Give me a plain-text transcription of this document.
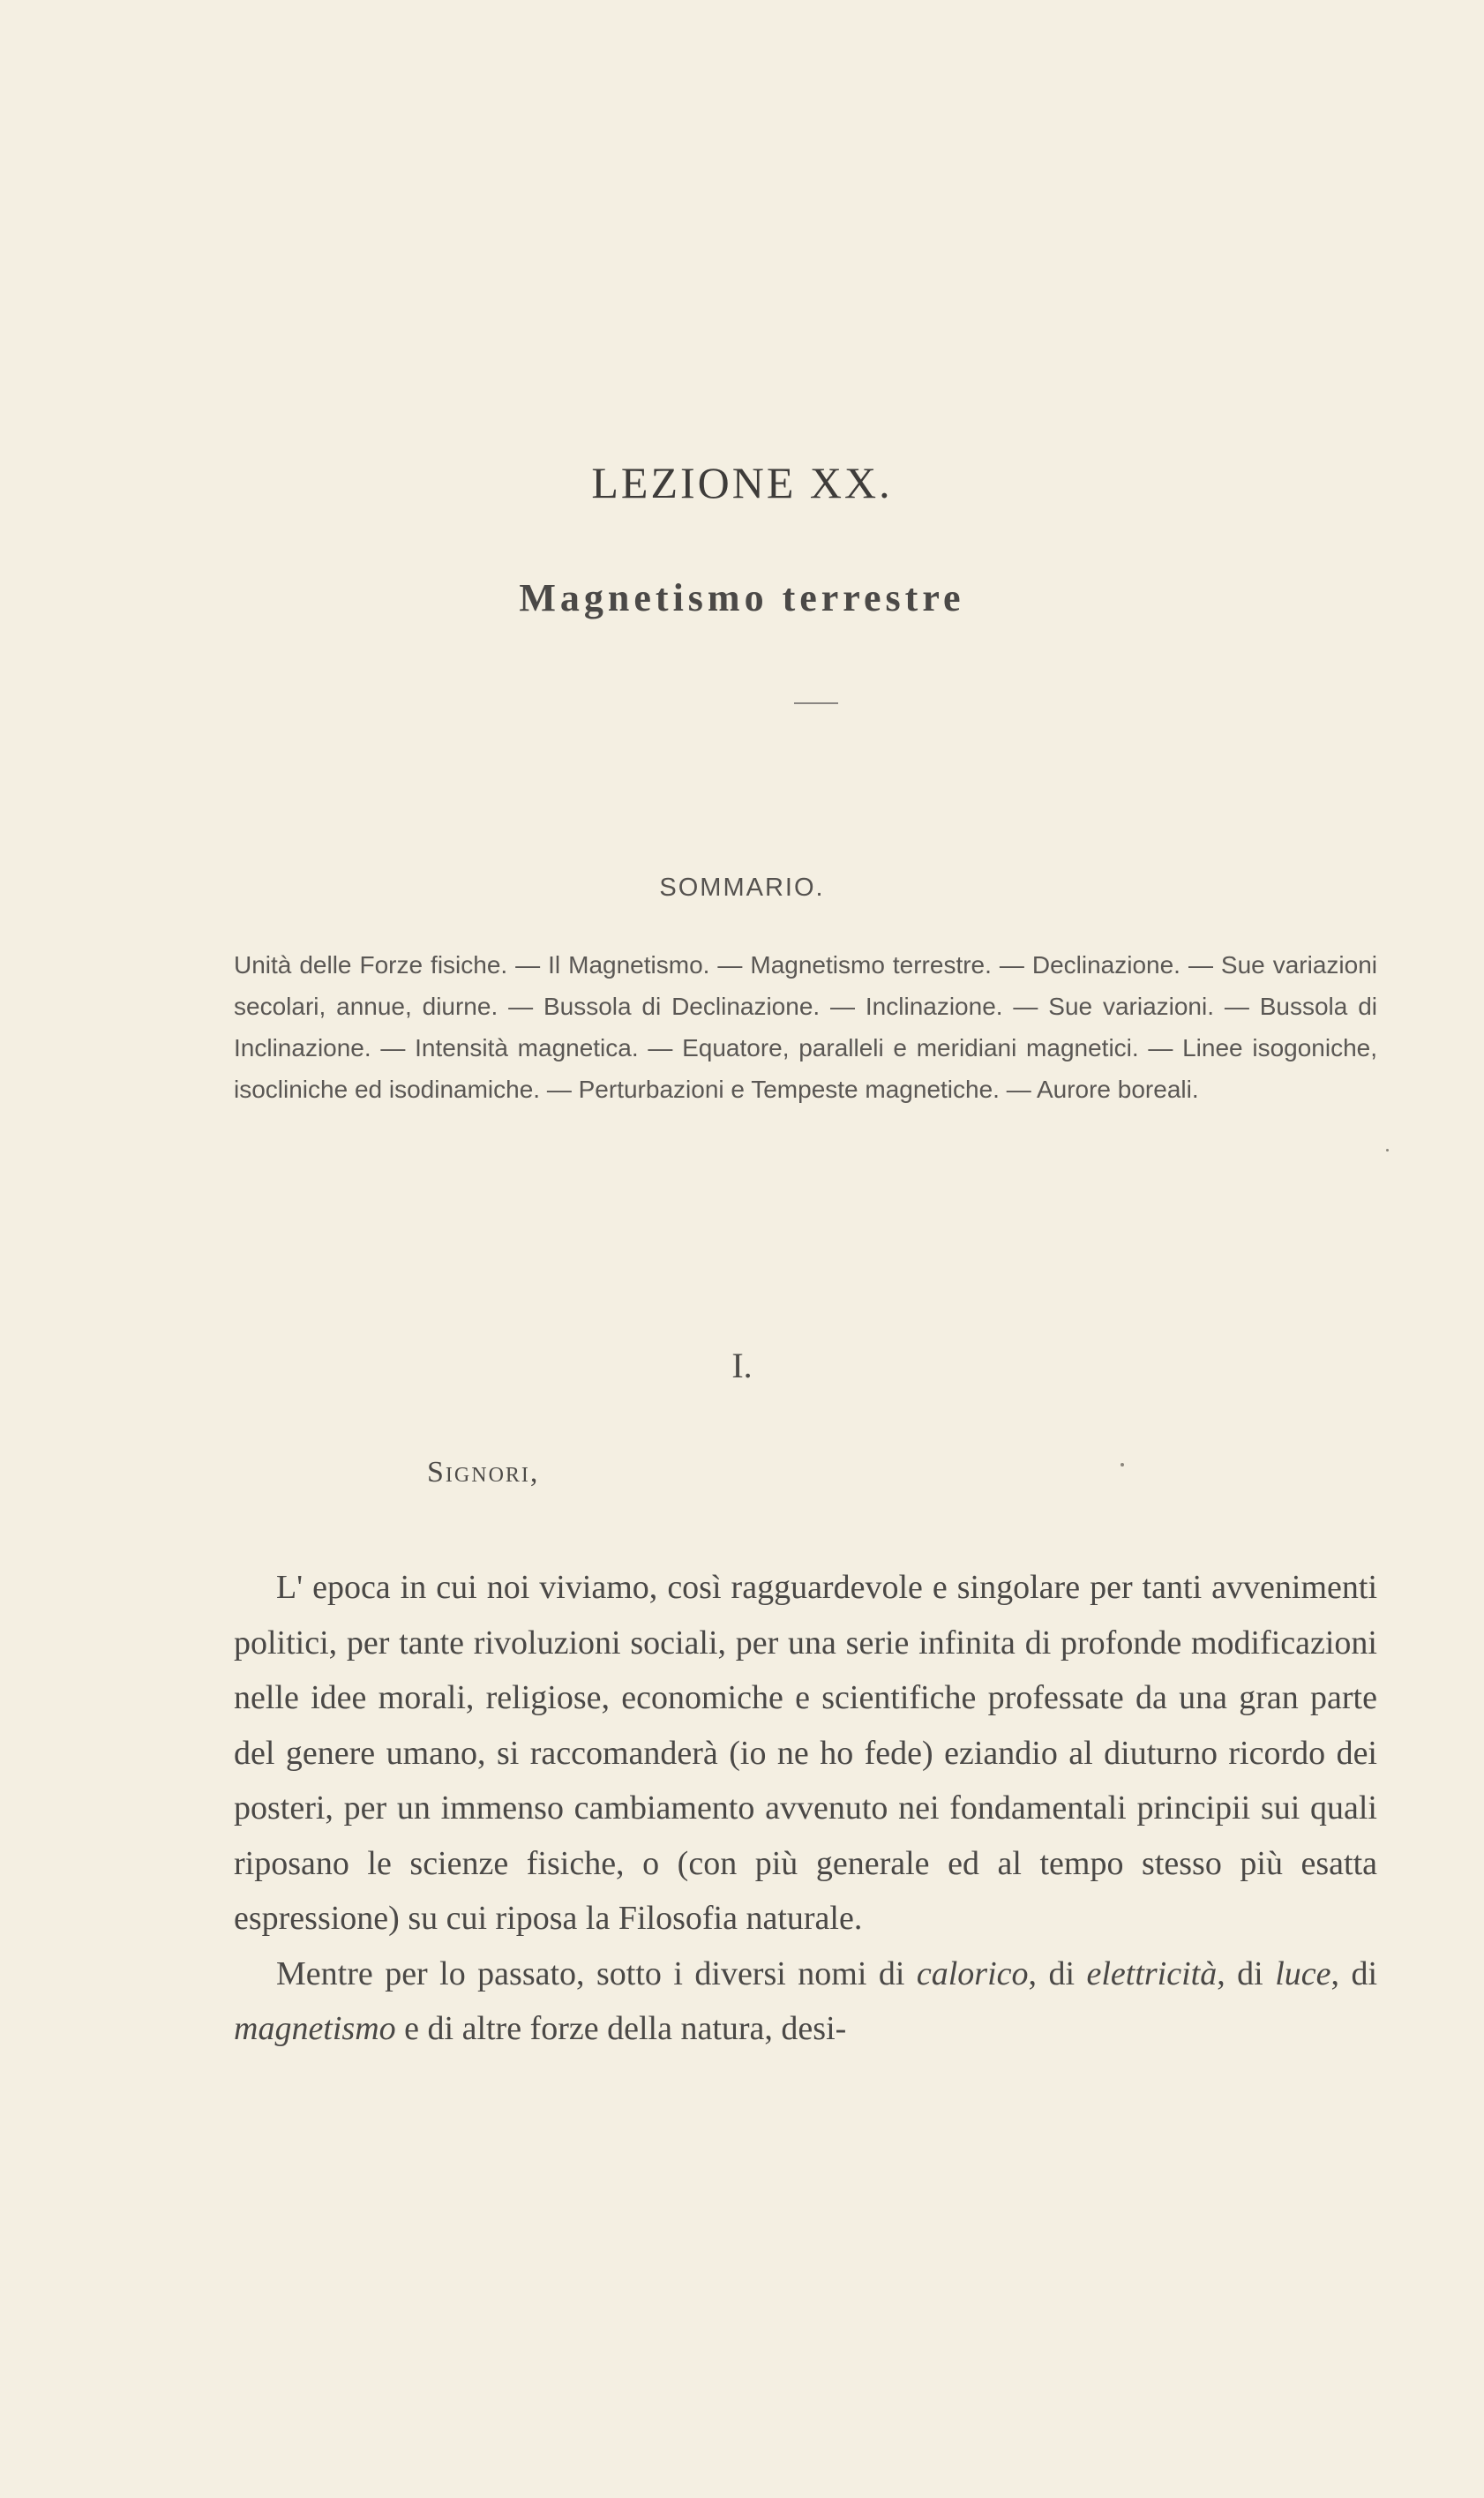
LEZIONE XX.
Magnetismo terrestre
SOMMARIO.
Unità delle Forze fisiche. — Il Magnetismo. — Magnetismo terrestre. — Declinazione. — Sue variazioni secolari, annue, diurne. — Bussola di Declinazione. — Inclinazione. — Sue variazioni. — Bussola di Inclinazione. — Intensità magnetica. — Equatore, paralleli e meridiani magnetici. — Linee isogoniche, isocliniche ed isodinamiche. — Perturbazioni e Tempeste magnetiche. — Aurore boreali.
I.
Signori,

L' epoca in cui noi viviamo, così ragguardevole e singolare per tanti avvenimenti politici, per tante rivoluzioni sociali, per una serie infinita di profonde modificazioni nelle idee morali, religiose, economiche e scientifiche professate da una gran parte del genere umano, si raccomanderà (io ne ho fede) eziandio al diuturno ricordo dei posteri, per un immenso cambiamento avvenuto nei fondamentali principii sui quali riposano le scienze fisiche, o (con più generale ed al tempo stesso più esatta espressione) su cui riposa la Filosofia naturale.

Mentre per lo passato, sotto i diversi nomi di calorico, di elettricità, di luce, di magnetismo e di altre forze della natura, desi-
